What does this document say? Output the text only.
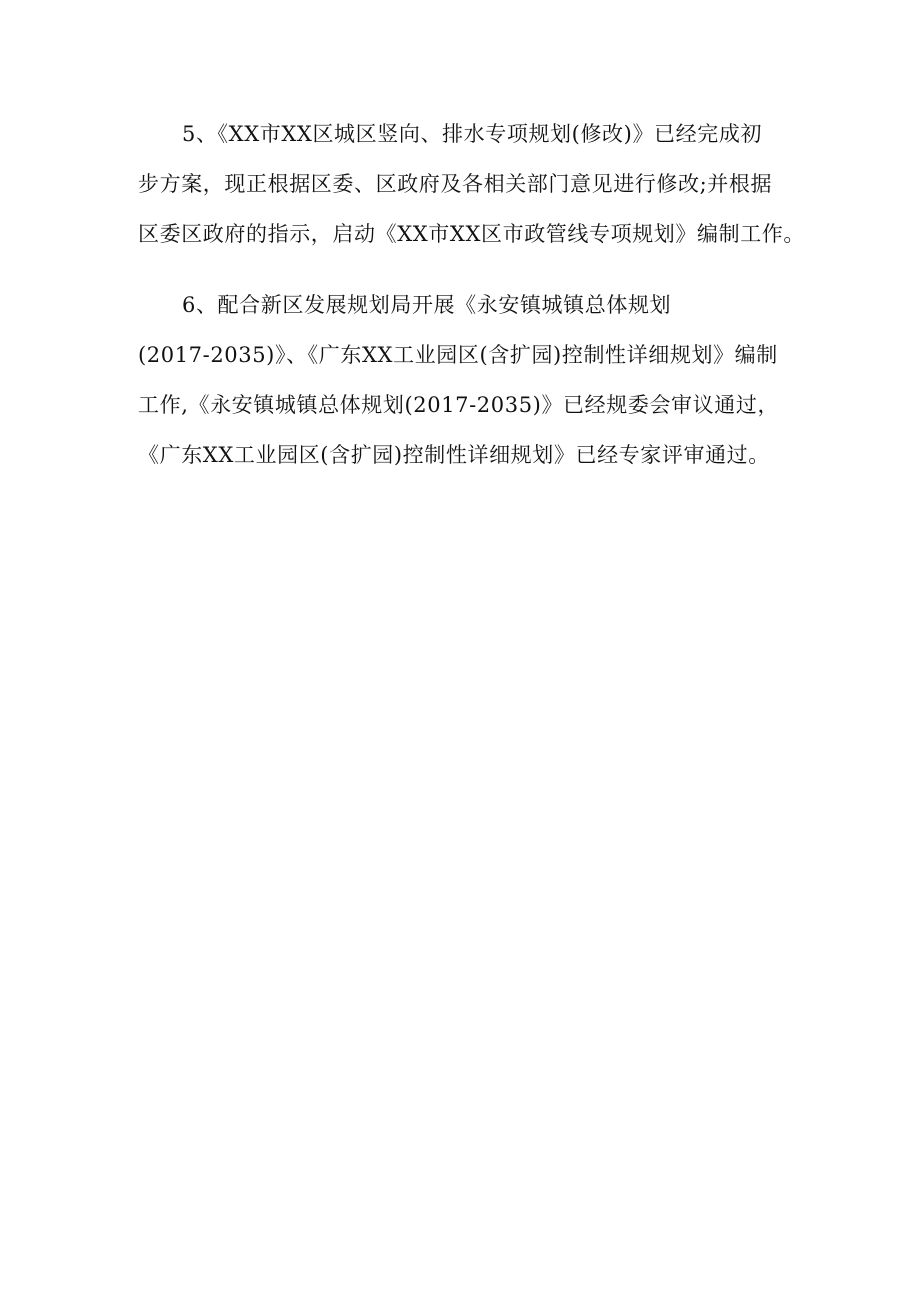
5、《XX市XX区城区竖向、排水专项规划(修改)》已经完成初
步方案，现正根据区委、区政府及各相关部门意见进行修改;并根据
区委区政府的指示，启动《XX市XX区市政管线专项规划》编制工作。
6、配合新区发展规划局开展《永安镇城镇总体规划
(2017-2035)》、《广东XX工业园区(含扩园)控制性详细规划》编制
工作,《永安镇城镇总体规划(2017-2035)》已经规委会审议通过，
《广东XX工业园区(含扩园)控制性详细规划》已经专家评审通过。
